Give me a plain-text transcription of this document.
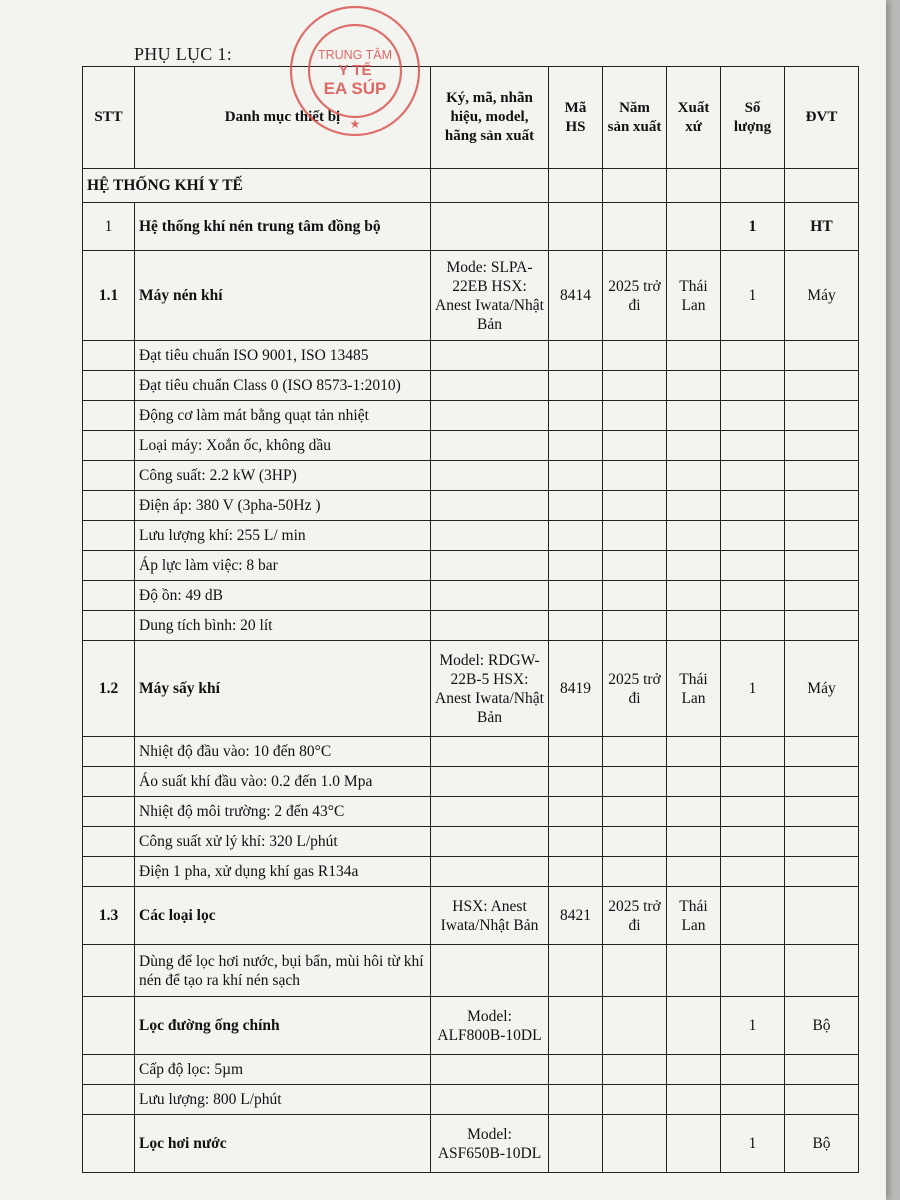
PHỤ LỤC 1:
STT	Danh mục thiết bị	Ký, mã, nhãn hiệu, model, hãng sản xuất	Mã HS	Năm sản xuất	Xuất xứ	Số lượng	ĐVT
HỆ THỐNG KHÍ Y TẾ							
1	Hệ thống khí nén trung tâm đồng bộ					1	HT
1.1	Máy nén khí	Mode: SLPA-22EB HSX: Anest Iwata/Nhật Bản	8414	2025 trở đi	Thái Lan	1	Máy
	Đạt tiêu chuẩn ISO 9001, ISO 13485						
	Đạt tiêu chuẩn Class 0 (ISO 8573-1:2010)						
	Động cơ làm mát bằng quạt tản nhiệt						
	Loại máy: Xoắn ốc, không dầu						
	Công suất: 2.2 kW (3HP)						
	Điện áp: 380 V (3pha-50Hz )						
	Lưu lượng khí: 255 L/ min						
	Áp lực làm việc: 8 bar						
	Độ ồn: 49 dB						
	Dung tích bình: 20 lít						
1.2	Máy sấy khí	Model: RDGW-22B-5 HSX: Anest Iwata/Nhật Bản	8419	2025 trở đi	Thái Lan	1	Máy
	Nhiệt độ đầu vào: 10 đến 80°C						
	Áo suất khí đầu vào: 0.2 đến 1.0 Mpa						
	Nhiệt độ môi trường: 2 đến 43°C						
	Công suất xử lý khí: 320 L/phút						
	Điện 1 pha, xử dụng khí gas R134a						
1.3	Các loại lọc	HSX: Anest Iwata/Nhật Bản	8421	2025 trở đi	Thái Lan		
	Dùng để lọc hơi nước, bụi bẩn, mùi hôi từ khí nén để tạo ra khí nén sạch						
	Lọc đường ống chính	Model: ALF800B-10DL				1	Bộ
	Cấp độ lọc: 5µm						
	Lưu lượng: 800 L/phút						
	Lọc hơi nước	Model: ASF650B-10DL				1	Bộ
TRUNG TÂM
Y TẾ
EA SÚP
★
